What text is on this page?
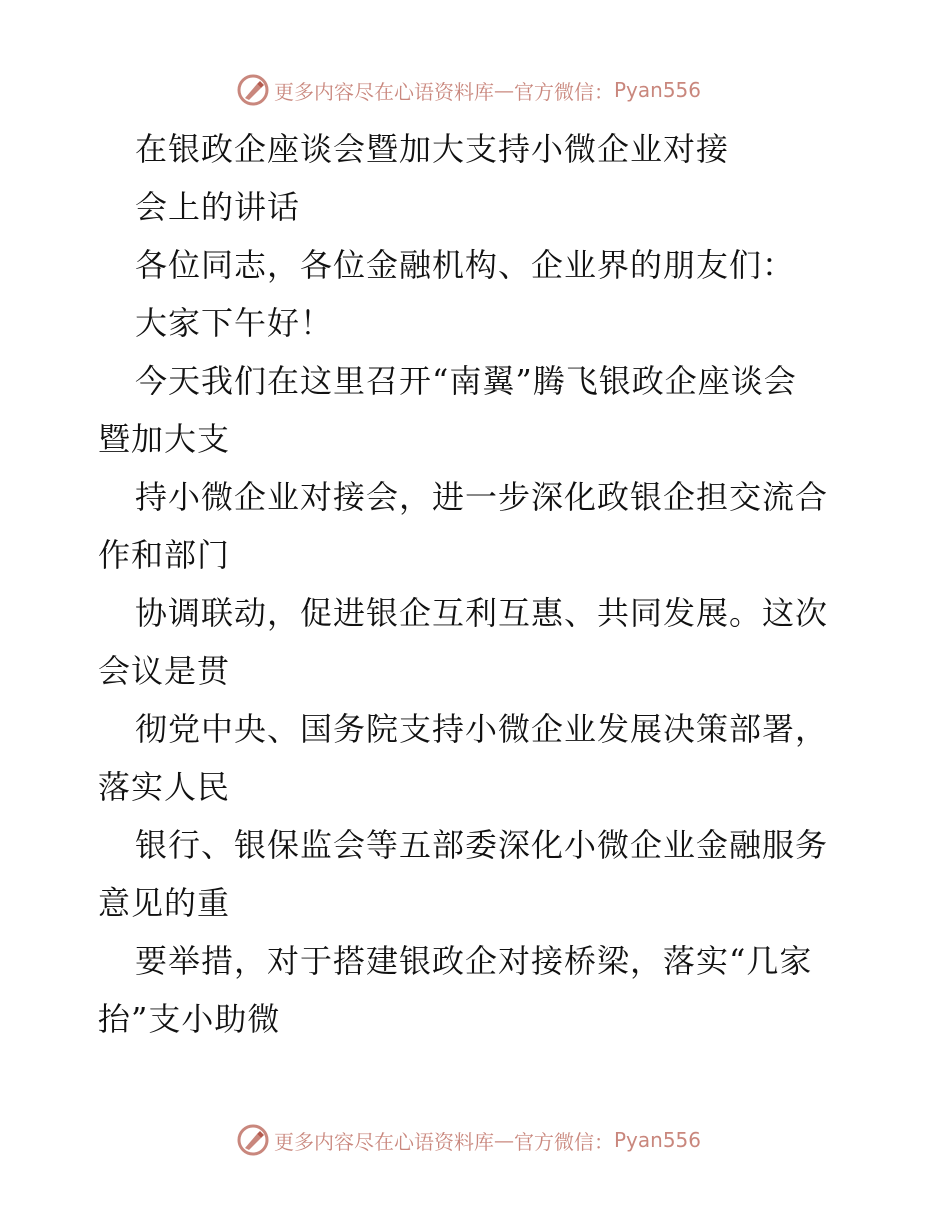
更多内容尽在心语资料库 — 官方微信： Pyan556
在银政企座谈会暨加大支持小微企业对接
会上的讲话
各位同志，各位金融机构、企业界的朋友们：
大家下午好！
今天我们在这里召开“南翼”腾飞银政企座谈会
暨加大支
持小微企业对接会，进一步深化政银企担交流合
作和部门
协调联动，促进银企互利互惠、共同发展。这次
会议是贯
彻党中央、国务院支持小微企业发展决策部署，
落实人民
银行、银保监会等五部委深化小微企业金融服务
意见的重
要举措，对于搭建银政企对接桥梁，落实“几家
抬”支小助微
更多内容尽在心语资料库 — 官方微信： Pyan556
